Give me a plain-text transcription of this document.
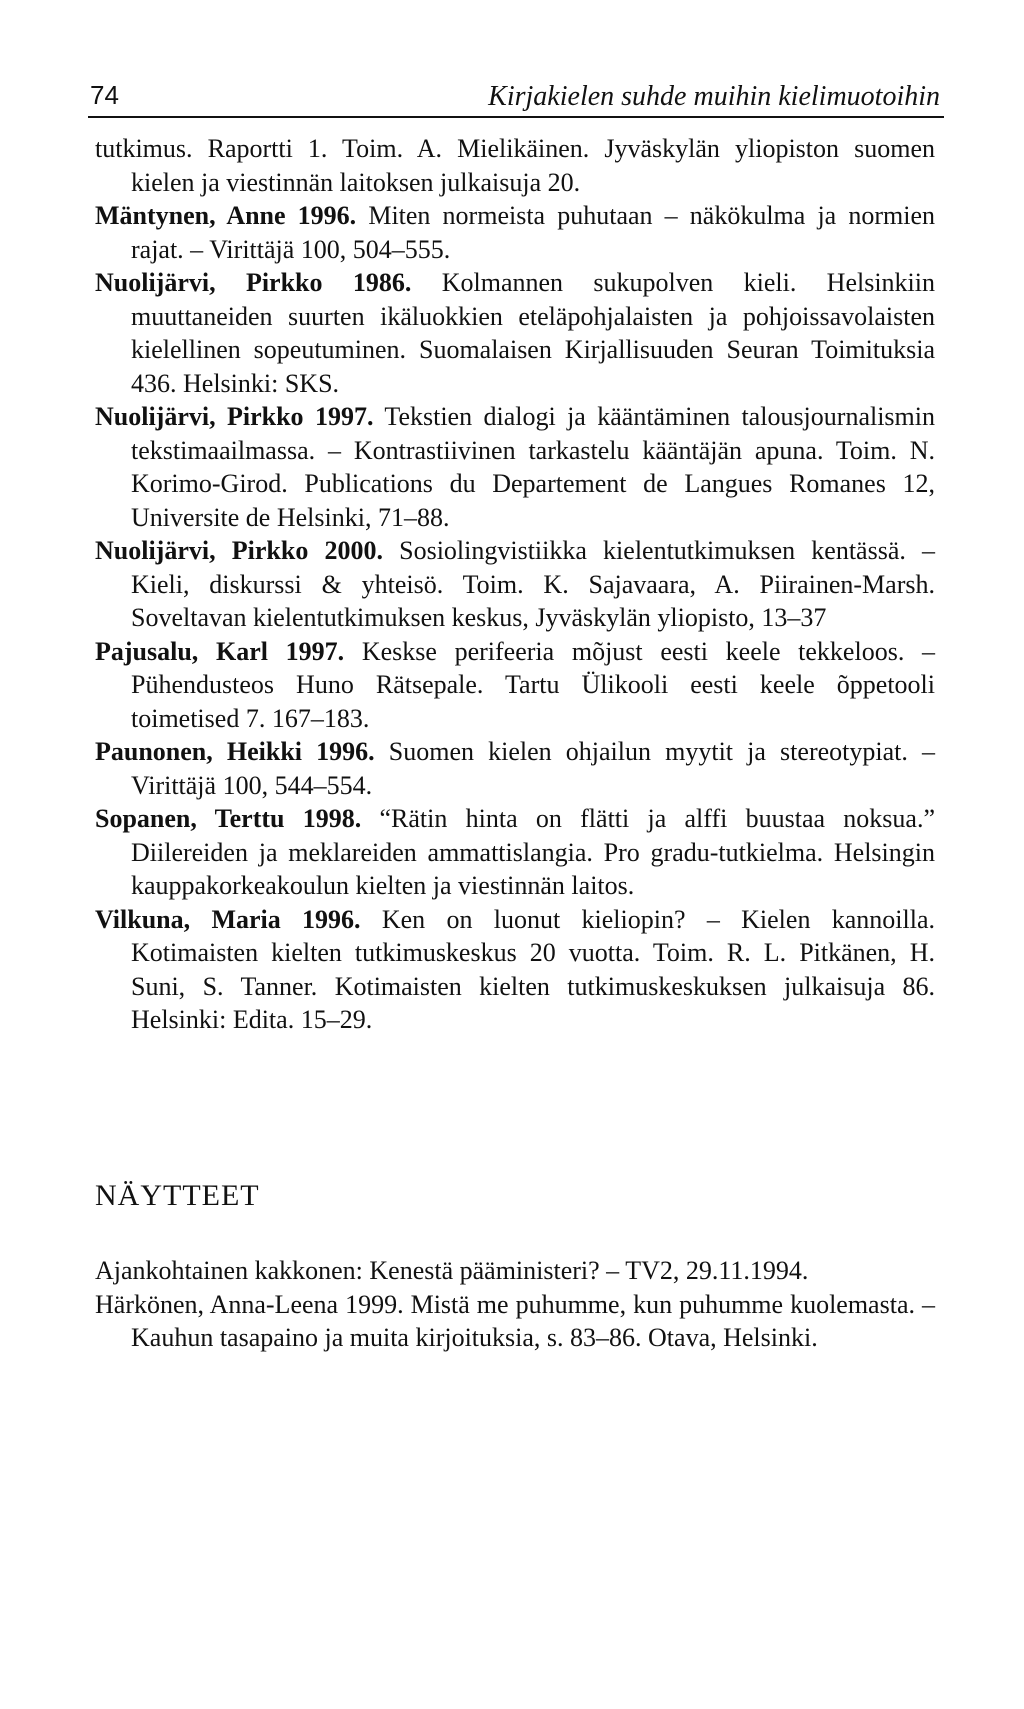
74	Kirjakielen suhde muihin kielimuotoihin

tutkimus. Raportti 1. Toim. A. Mielikäinen. Jyväskylän yliopiston suomen kielen ja viestinnän laitoksen julkaisuja 20.

Mäntynen, Anne 1996. Miten normeista puhutaan – näkökulma ja normien rajat. – Virittäjä 100, 504–555.

Nuolijärvi, Pirkko 1986. Kolmannen sukupolven kieli. Helsinkiin muuttaneiden suurten ikäluokkien eteläpohjalaisten ja pohjoissavolaisten kielellinen sopeutuminen. Suomalaisen Kirjallisuuden Seuran Toimituksia 436. Helsinki: SKS.

Nuolijärvi, Pirkko 1997. Tekstien dialogi ja kääntäminen talousjournalismin tekstimaailmassa. – Kontrastiivinen tarkastelu kääntäjän apuna. Toim. N. Korimo-Girod. Publications du Departement de Langues Romanes 12, Universite de Helsinki, 71–88.

Nuolijärvi, Pirkko 2000. Sosiolingvistiikka kielentutkimuksen kentässä. – Kieli, diskurssi & yhteisö. Toim. K. Sajavaara, A. Piirainen-Marsh. Soveltavan kielentutkimuksen keskus, Jyväskylän yliopisto, 13–37

Pajusalu, Karl 1997. Keskse perifeeria mõjust eesti keele tekkeloos. – Pühendusteos Huno Rätsepale. Tartu Ülikooli eesti keele õppetooli toimetised 7. 167–183.

Paunonen, Heikki 1996. Suomen kielen ohjailun myytit ja stereotypiat. – Virittäjä 100, 544–554.

Sopanen, Terttu 1998. “Rätin hinta on flätti ja alffi buustaa noksua.” Diilereiden ja meklareiden ammattislangia. Pro gradu-tutkielma. Helsingin kauppakorkeakoulun kielten ja viestinnän laitos.

Vilkuna, Maria 1996. Ken on luonut kieliopin? – Kielen kannoilla. Kotimaisten kielten tutkimuskeskus 20 vuotta. Toim. R. L. Pitkänen, H. Suni, S. Tanner. Kotimaisten kielten tutkimuskeskuksen julkaisuja 86. Helsinki: Edita. 15–29.

NÄYTTEET

Ajankohtainen kakkonen: Kenestä pääministeri? – TV2, 29.11.1994.

Härkönen, Anna-Leena 1999. Mistä me puhumme, kun puhumme kuolemasta. – Kauhun tasapaino ja muita kirjoituksia, s. 83–86. Otava, Helsinki.
